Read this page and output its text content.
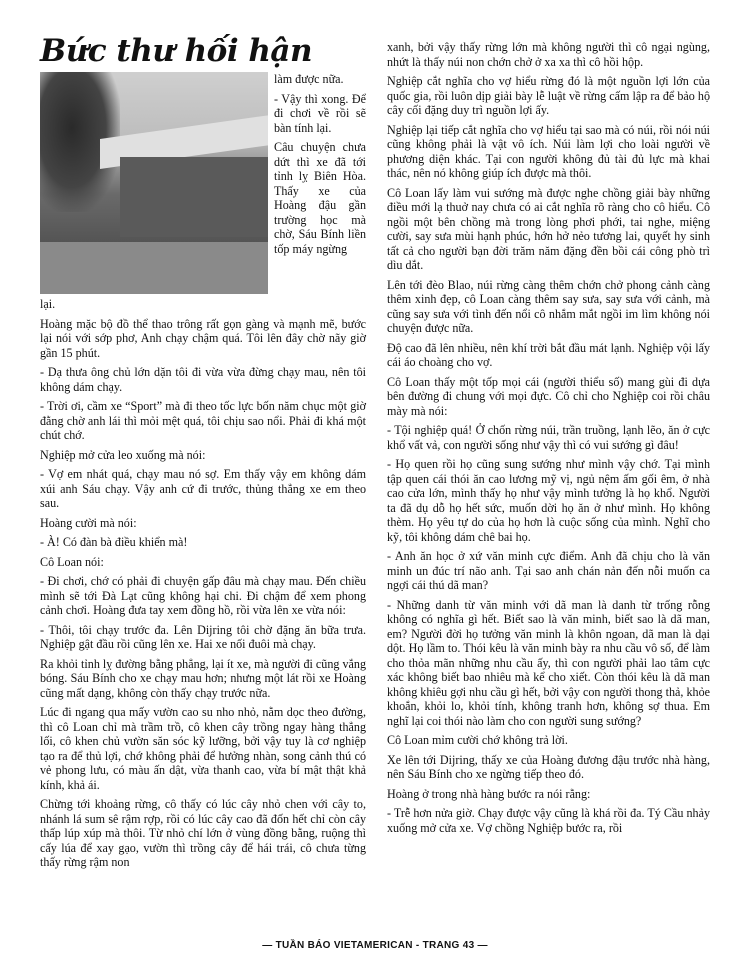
Bức thư hối hận

làm được nữa.

- Vậy thì xong. Để đi chơi về rồi sẽ bàn tính lại.

Câu chuyện chưa dứt thì xe đã tới tỉnh lỵ Biên Hòa. Thấy xe của Hoàng đậu gần trường học mà chờ, Sáu Bính liền tốp máy ngừng

lại.

Hoàng mặc bộ đồ thể thao trông rất gọn gàng và mạnh mẽ, bước lại nói với sớp phơ, Anh chạy chậm quá. Tôi lên đây chờ nãy giờ gần 15 phút.

- Dạ thưa ông chủ lớn dặn tôi đi vừa vừa đừng chạy mau, nên tôi không dám chạy.

- Trời ơi, cầm xe “Sport” mà đi theo tốc lực bốn năm chục một giờ đằng chờ anh lái thì mỏi mệt quá, tôi chịu sao nổi. Phải đi khá một chút chớ.

Nghiệp mở cửa leo xuống mà nói:

- Vợ em nhát quá, chạy mau nó sợ. Em thấy vậy em không dám xúi anh Sáu chạy. Vậy anh cứ đi trước, thủng thẳng xe em theo sau.

Hoàng cười mà nói:

- À! Có đàn bà điều khiển mà!

Cô Loan nói:

- Đi chơi, chớ có phải đi chuyện gấp đâu mà chạy mau. Đến chiều mình sẽ tới Đà Lạt cũng không hại chi. Đi chậm để xem phong cảnh chơi. Hoàng đưa tay xem đồng hồ, rồi vừa lên xe vừa nói:

- Thôi, tôi chạy trước đa. Lên Dijring tôi chờ đặng ăn bữa trưa. Nghiệp gật đầu rồi cũng lên xe. Hai xe nối đuôi mà chạy.

Ra khỏi tỉnh lỵ đường bằng phẳng, lại ít xe, mà người đi cũng vắng bóng. Sáu Bính cho xe chạy mau hơn; nhưng một lát rồi xe Hoàng cũng mất dạng, không còn thấy chạy trước nữa.

Lúc đi ngang qua mấy vườn cao su nho nhỏ, nằm dọc theo đường, thì cô Loan chỉ mà trầm trồ, cô khen cây trồng ngay hàng thẳng lối, cô khen chủ vườn săn sóc kỹ lưỡng, bởi vậy tuy là cơ nghiệp tạo ra để thủ lợi, chớ không phải để hưởng nhàn, song cảnh thú có vẻ phong lưu, có màu ấn dật, vừa thanh cao, vừa bí mật thật khả kính, khả ái.

Chừng tới khoảng rừng, cô thấy có lúc cây nhỏ chen với cây to, nhánh lá sum sê rậm rợp, rồi có lúc cây cao đã đốn hết chỉ còn cây thấp lúp xúp mà thôi. Từ nhỏ chí lớn ở vùng đồng bằng, ruộng thì cấy lúa để xay gạo, vườn thì trồng cây để hái trái, cô chưa từng thấy rừng rậm non

xanh, bởi vậy thấy rừng lớn mà không người thì cô ngại ngùng, nhứt là thấy núi non chớn chở ở xa xa thì cô hồi hộp.

Nghiệp cắt nghĩa cho vợ hiểu rừng đó là một nguồn lợi lớn của quốc gia, rồi luôn dịp giải bày lễ luật về rừng cấm lập ra để bảo hộ cây cối đặng duy trì nguồn lợi ấy.

Nghiệp lại tiếp cắt nghĩa cho vợ hiểu tại sao mà có núi, rồi nói núi cũng không phải là vật vô ích. Núi làm lợi cho loài người về phương diện khác. Tại con người không đủ tài đủ lực mà khai thác, nên nó không giúp ích được mà thôi.

Cô Loan lấy làm vui sướng mà được nghe chồng giải bày những điều mới lạ thuở nay chưa có ai cắt nghĩa rõ ràng cho cô hiểu. Cô ngồi một bên chồng mà trong lòng phơi phới, tai nghe, miệng cười, say sưa mùi hạnh phúc, hớn hở nẻo tương lai, quyết hy sinh tất cả cho người bạn đời trăm năm đặng đền bồi cái công phò trì dìu dắt.

Lên tới đèo Blao, núi rừng càng thêm chớn chở phong cảnh càng thêm xinh đẹp, cô Loan càng thêm say sưa, say sưa với cảnh, mà cũng say sưa với tình đến nổi cô nhắm mắt ngồi im lìm không nói chuyện được nữa.

Độ cao đã lên nhiều, nên khí trời bắt đầu mát lạnh. Nghiệp vội lấy cái áo choàng cho vợ.

Cô Loan thấy một tốp mọi cái (người thiểu số) mang gùi đi dựa bên đường đi chung với mọi đực. Cô chỉ cho Nghiệp coi rồi châu mày mà nói:

- Tội nghiệp quá! Ở chốn rừng núi, trần truồng, lạnh lẽo, ăn ở cực khổ vất vả, con người sống như vậy thì có vui sướng gì đâu!

- Họ quen rồi họ cũng sung sướng như mình vậy chớ. Tại mình tập quen cái thói ăn cao lương mỹ vị, ngủ nệm ấm gối êm, ở nhà cao cửa lớn, mình thấy họ như vậy mình tưởng là họ khổ. Người ta đã dụ dỗ họ hết sức, muốn dời họ ăn ở như mình. Họ không thèm. Họ yêu tự do của họ hơn là cuộc sống của mình. Nghĩ cho kỹ, tôi không dám chê bai họ.

- Anh ăn học ở xứ văn minh cực điểm. Anh đã chịu cho là văn minh un đúc trí não anh. Tại sao anh chán nản đến nỗi muốn ca ngợi cái thú dã man?

- Những danh từ văn minh với dã man là danh từ trống rỗng không có nghĩa gì hết. Biết sao là văn minh, biết sao là dã man, em? Người đời họ tưởng văn minh là khôn ngoan, dã man là dại dột. Họ lầm to. Thói kêu là văn minh bày ra nhu cầu vô số, để làm cho thỏa mãn những nhu cầu ấy, thì con người phải lao tâm cực xác không biết bao nhiêu mà kể cho xiết. Còn thói kêu là dã man không khiêu gợi nhu cầu gì hết, bởi vậy con người thong thả, khỏe khoắn, khỏi lo, khỏi tính, không tranh hơn, không sợ thua. Em nghĩ lại coi thói nào làm cho con người sung sướng?

Cô Loan mỉm cười chớ không trả lời.

Xe lên tới Dijring, thấy xe của Hoàng đương đậu trước nhà hàng, nên Sáu Bính cho xe ngừng tiếp theo đó.

Hoàng ở trong nhà hàng bước ra nói rằng:

- Trễ hơn nửa giờ. Chạy được vậy cũng là khá rồi đa. Tý Cầu nhảy xuống mở cửa xe. Vợ chồng Nghiệp bước ra, rồi

— TUẦN BÁO VIETAMERICAN - TRANG 43 —
